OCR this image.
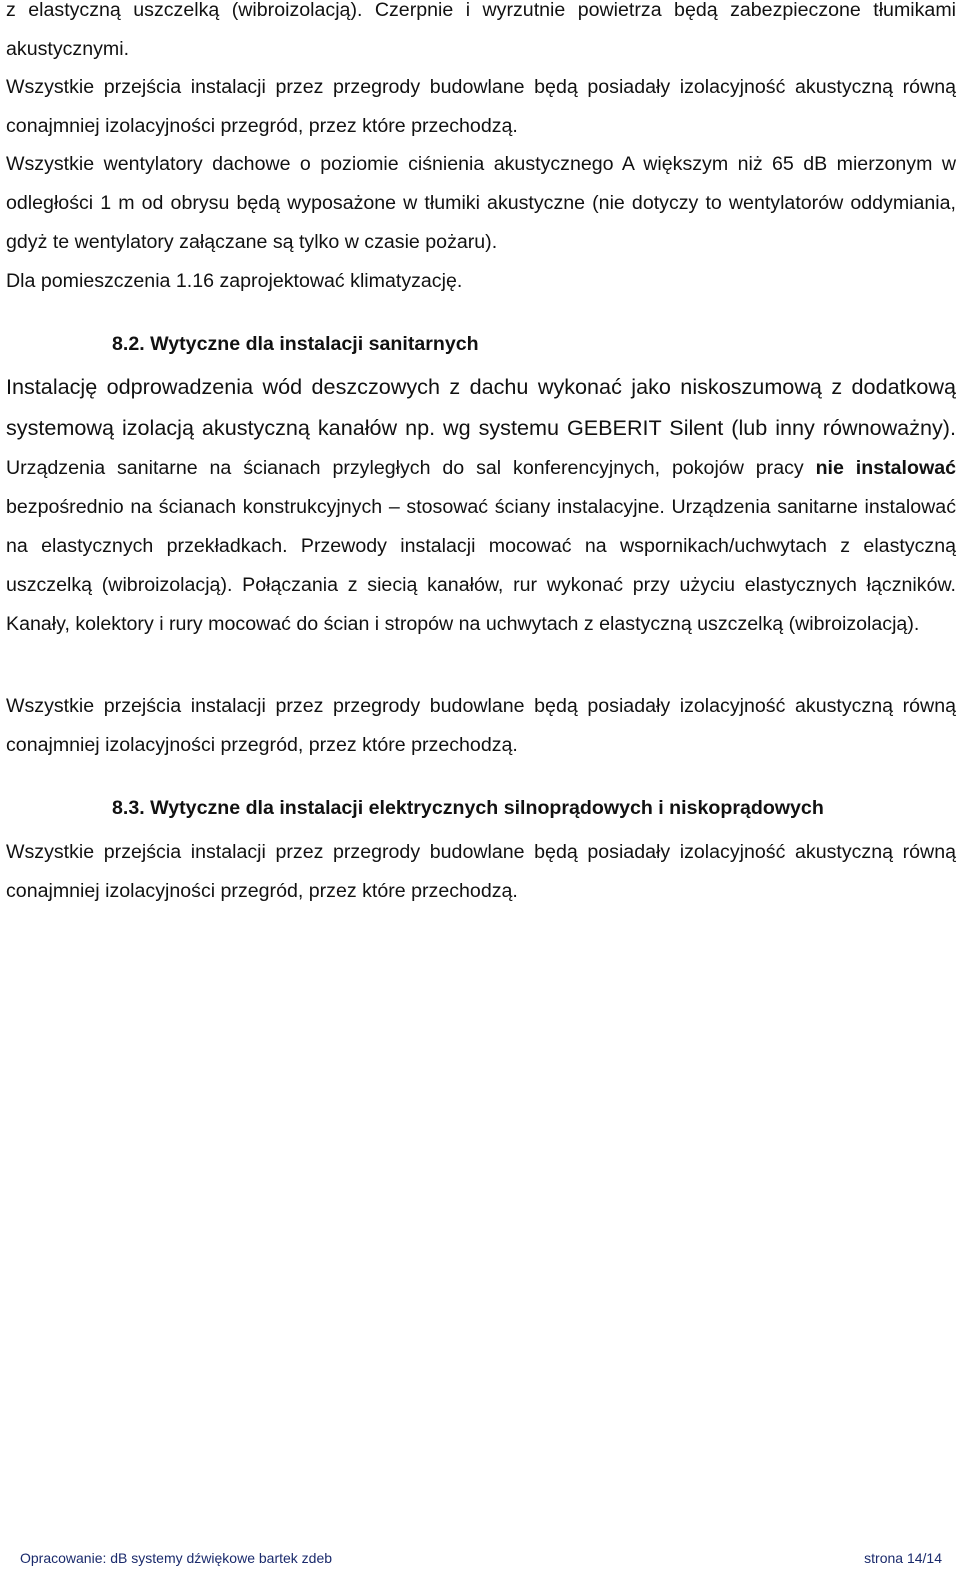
z elastyczną uszczelką (wibroizolacją). Czerpnie i wyrzutnie powietrza będą zabezpieczone tłumikami akustycznymi.

Wszystkie przejścia instalacji przez przegrody budowlane będą posiadały izolacyjność akustyczną równą conajmniej izolacyjności przegród, przez które przechodzą.

Wszystkie wentylatory dachowe o poziomie ciśnienia akustycznego A większym niż 65 dB mierzonym w odległości 1 m od obrysu będą wyposażone w tłumiki akustyczne (nie dotyczy to wentylatorów oddymiania, gdyż te wentylatory załączane są tylko w czasie pożaru).

Dla pomieszczenia 1.16 zaprojektować klimatyzację.

8.2. Wytyczne dla instalacji sanitarnych

Instalację odprowadzenia wód deszczowych z dachu wykonać jako niskoszumową z dodatkową systemową izolacją akustyczną kanałów np. wg systemu GEBERIT Silent (lub inny równoważny). Urządzenia sanitarne na ścianach przyległych do sal konferencyjnych, pokojów pracy nie instalować bezpośrednio na ścianach konstrukcyjnych – stosować ściany instalacyjne. Urządzenia sanitarne instalować na elastycznych przekładkach. Przewody instalacji mocować na wspornikach/uchwytach z elastyczną uszczelką (wibroizolacją). Połączania z siecią kanałów, rur wykonać przy użyciu elastycznych łączników. Kanały, kolektory i rury mocować do ścian i stropów na uchwytach z elastyczną uszczelką (wibroizolacją).

Wszystkie przejścia instalacji przez przegrody budowlane będą posiadały izolacyjność akustyczną równą conajmniej izolacyjności przegród, przez które przechodzą.

8.3. Wytyczne dla instalacji elektrycznych silnoprądowych i niskoprądowych

Wszystkie przejścia instalacji przez przegrody budowlane będą posiadały izolacyjność akustyczną równą conajmniej izolacyjności przegród, przez które przechodzą.

Opracowanie: dB systemy dźwiękowe bartek zdeb	strona 14/14
